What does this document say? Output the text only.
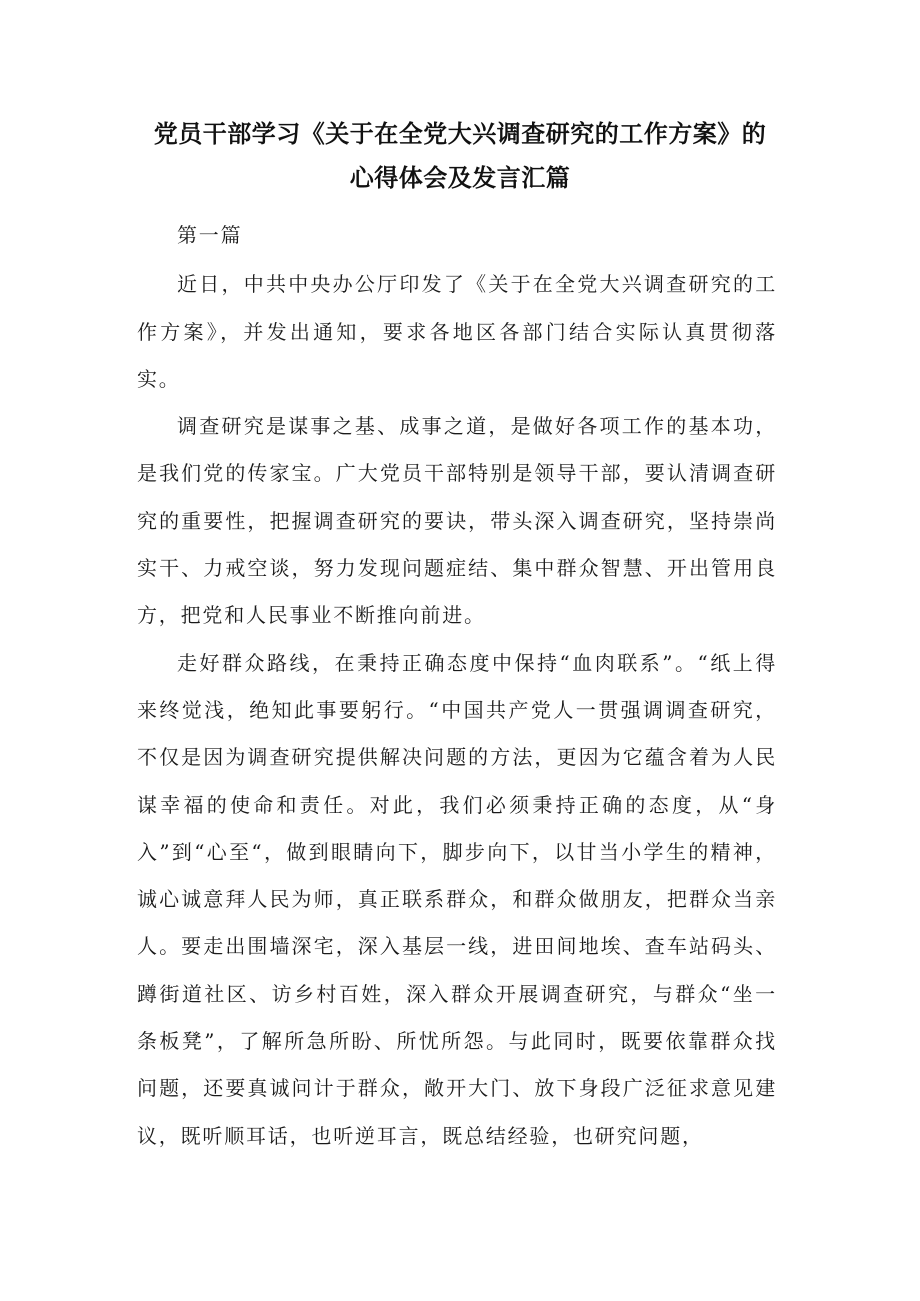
党员干部学习《关于在全党大兴调查研究的工作方案》的
心得体会及发言汇篇

第一篇

近日，中共中央办公厅印发了《关于在全党大兴调查研究的工作方案》，并发出通知，要求各地区各部门结合实际认真贯彻落实。

调查研究是谋事之基、成事之道，是做好各项工作的基本功，是我们党的传家宝。广大党员干部特别是领导干部，要认清调查研究的重要性，把握调查研究的要诀，带头深入调查研究，坚持崇尚实干、力戒空谈，努力发现问题症结、集中群众智慧、开出管用良方，把党和人民事业不断推向前进。

走好群众路线，在秉持正确态度中保持“血肉联系”。“纸上得来终觉浅，绝知此事要躬行。“中国共产党人一贯强调调查研究，不仅是因为调查研究提供解决问题的方法，更因为它蕴含着为人民谋幸福的使命和责任。对此，我们必须秉持正确的态度，从“身入”到“心至“，做到眼睛向下，脚步向下，以甘当小学生的精神，诚心诚意拜人民为师，真正联系群众，和群众做朋友，把群众当亲人。要走出围墙深宅，深入基层一线，进田间地埃、查车站码头、蹲街道社区、访乡村百姓，深入群众开展调查研究，与群众“坐一条板凳”，了解所急所盼、所忧所怨。与此同时，既要依靠群众找问题，还要真诚问计于群众，敞开大门、放下身段广泛征求意见建议，既听顺耳话，也听逆耳言，既总结经验，也研究问题，
